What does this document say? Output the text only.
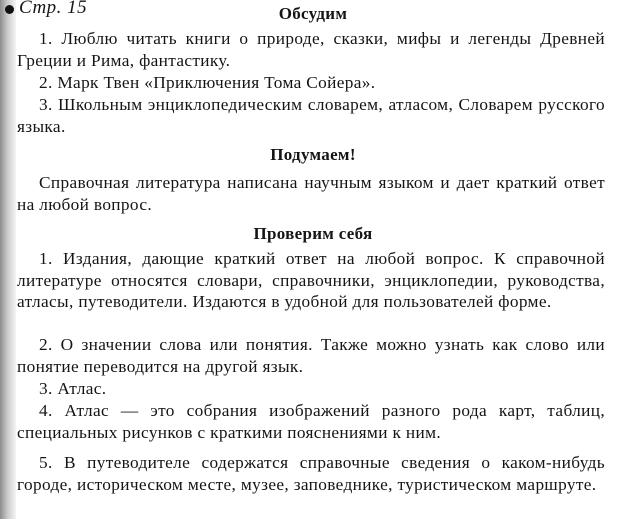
Стр. 15	Обсудим

1. Люблю читать книги о природе, сказки, мифы и легенды Древней Греции и Рима, фантастику.

2. Марк Твен «Приключения Тома Сойера».

3. Школьным энциклопедическим словарем, атласом, Словарем русского языка.

Подумаем!

Справочная литература написана научным языком и дает краткий ответ на любой вопрос.

Проверим себя

1. Издания, дающие краткий ответ на любой вопрос. К справочной литературе относятся словари, справочники, энциклопедии, руководства, атласы, путеводители. Издаются в удобной для пользователей форме.

2. О значении слова или понятия. Также можно узнать как слово или понятие переводится на другой язык.

3. Атлас.

4. Атлас — это собрания изображений разного рода карт, таблиц, специальных рисунков с краткими пояснениями к ним.

5. В путеводителе содержатся справочные сведения о каком-нибудь городе, историческом месте, музее, заповеднике, туристическом маршруте.
